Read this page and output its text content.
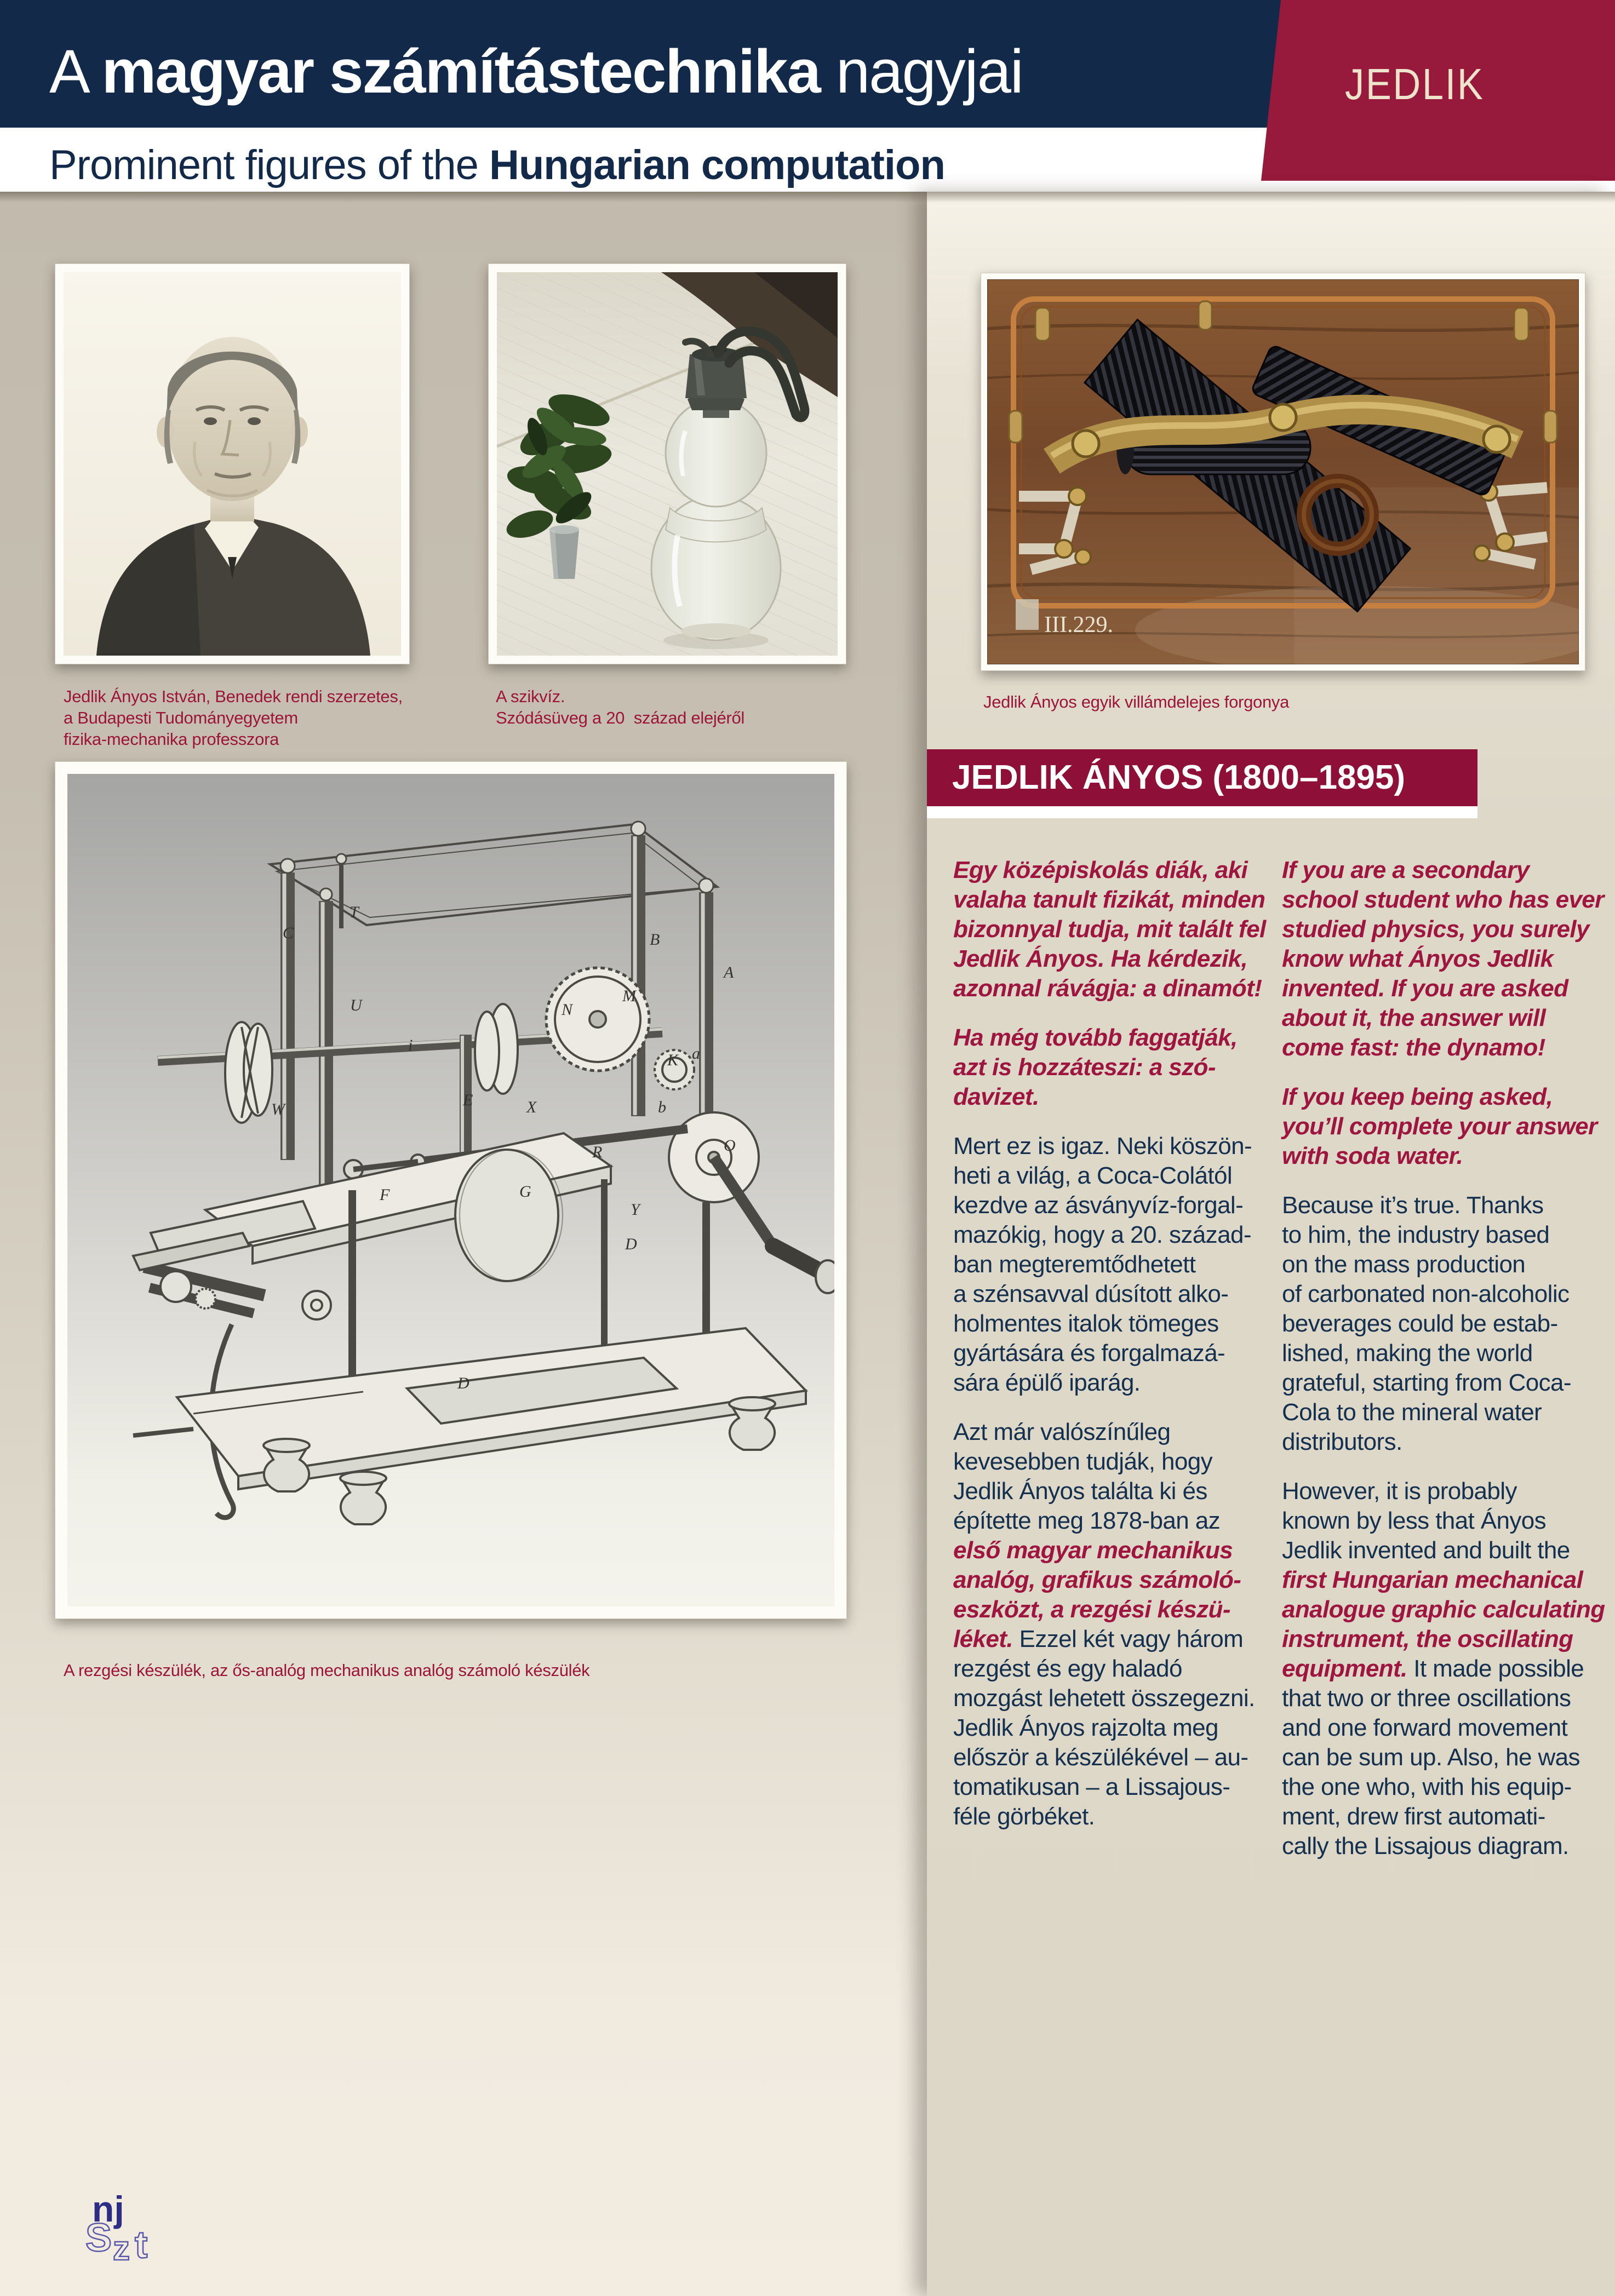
A magyar számítástechnika nagyjai
Prominent figures of the Hungarian computation
JEDLIK
III.229.
Jedlik Ányos István, Benedek rendi szerzetes,
a Budapesti Tudományegyetem
fizika-mechanika professzora
A szikvíz.
Szódásüveg a 20  század elejéről
Jedlik Ányos egyik villámdelejes forgonya
A rezgési készülék, az ős-analóg mechanikus analóg számoló készülék
C
T
U
B
A
N
M
K a
E	X
W
i
R	O
Y
G
F
D
D
b
JEDLIK ÁNYOS (1800–1895)
Egy középiskolás diák, aki
valaha tanult fizikát, minden
bizonnyal tudja, mit talált fel
Jedlik Ányos. Ha kérdezik,
azonnal rávágja: a dinamót!
Ha még tovább faggatják,
azt is hozzáteszi: a szó-
davizet.
Mert ez is igaz. Neki köszön-
heti a világ, a Coca-Colától
kezdve az ásványvíz-forgal-
mazókig, hogy a 20. század-
ban megteremtődhetett
a szénsavval dúsított alko-
holmentes italok tömeges
gyártására és forgalmazá-
sára épülő iparág.
Azt már valószínűleg
kevesebben tudják, hogy
Jedlik Ányos találta ki és
építette meg 1878-ban az
első magyar mechanikus
analóg, grafikus számoló-
eszközt, a rezgési készü-
léket. Ezzel két vagy három
rezgést és egy haladó
mozgást lehetett összegezni.
Jedlik Ányos rajzolta meg
először a készülékével – au-
tomatikusan – a Lissajous-
féle görbéket.
If you are a secondary
school student who has ever
studied physics, you surely
know what Ányos Jedlik
invented. If you are asked
about it, the answer will
come fast: the dynamo!
If you keep being asked,
you’ll complete your answer
with soda water.
Because it’s true. Thanks
to him, the industry based
on the mass production
of carbonated non-alcoholic
beverages could be estab-
lished, making the world
grateful, starting from Coca-
Cola to the mineral water
distributors.
However, it is probably
known by less that Ányos
Jedlik invented and built the
first Hungarian mechanical
analogue graphic calculating
instrument, the oscillating
equipment. It made possible
that two or three oscillations
and one forward movement
can be sum up. Also, he was
the one who, with his equip-
ment, drew first automati-
cally the Lissajous diagram.
nj
S z t
